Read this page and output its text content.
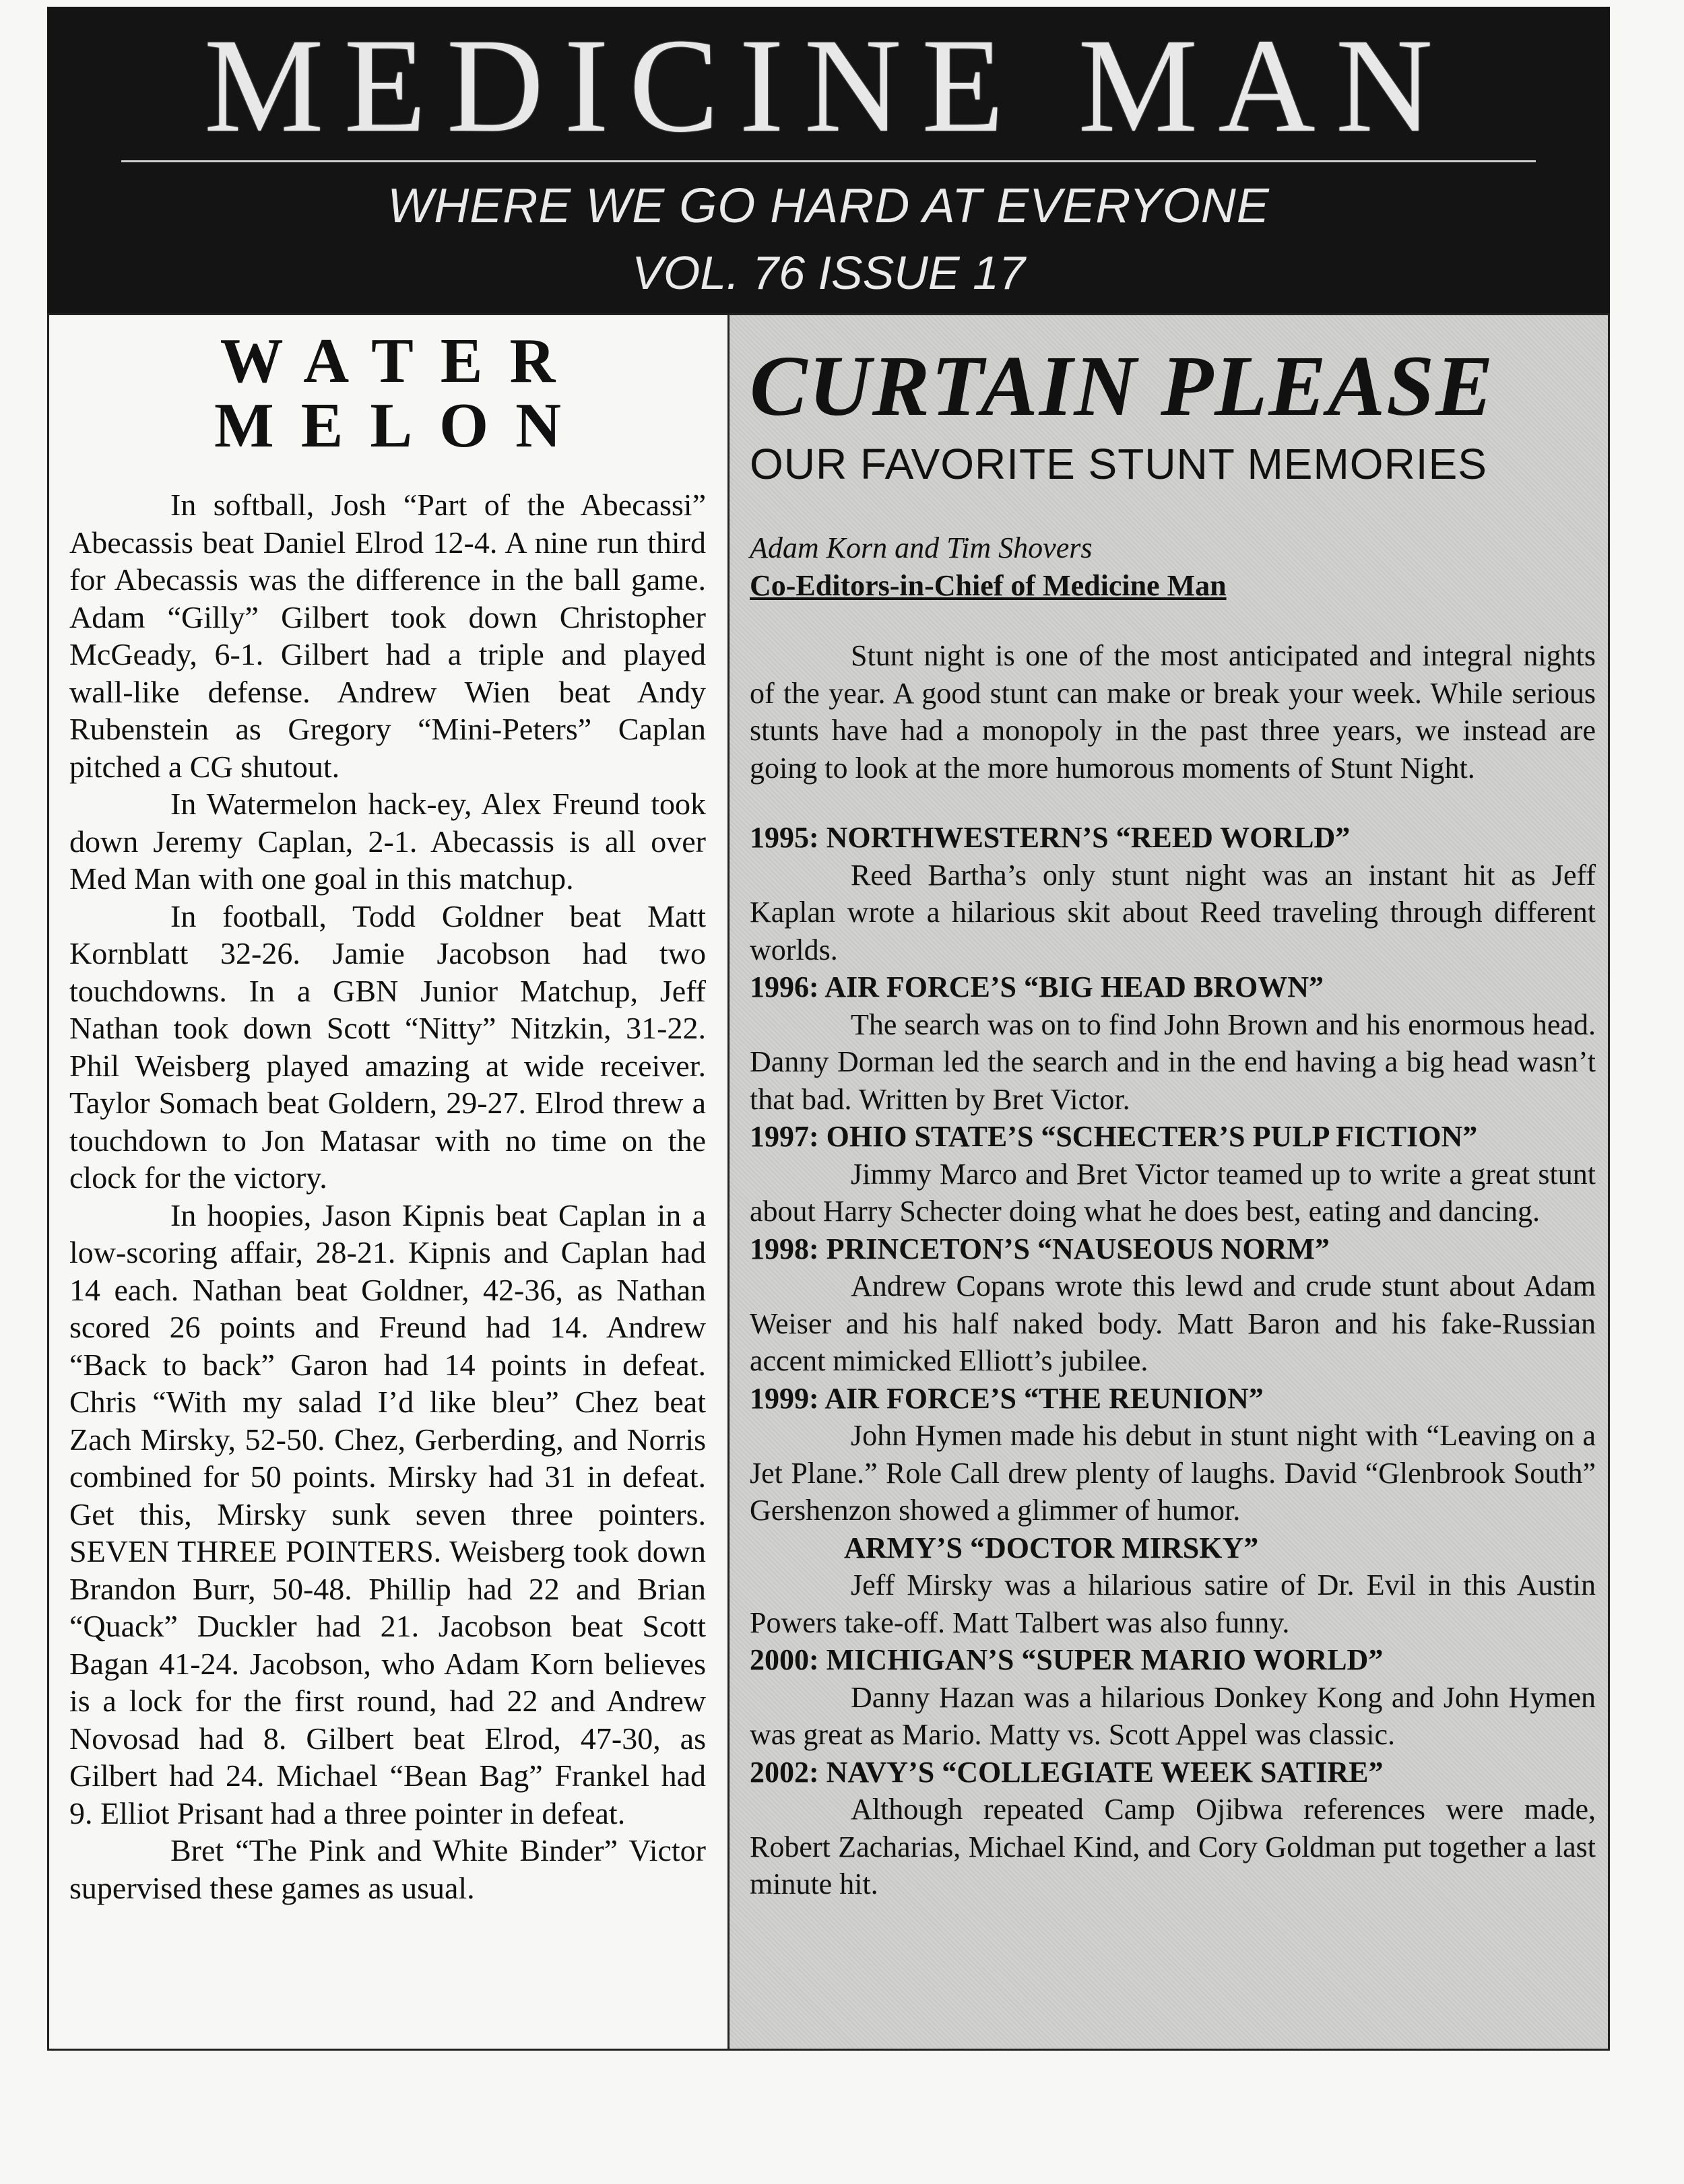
MEDICINE MAN
WHERE WE GO HARD AT EVERYONE
VOL. 76 ISSUE 17
WATER
MELON

In softball, Josh “Part of the Abecassi” Abecassis beat Daniel Elrod 12-4. A nine run third for Abecassis was the difference in the ball game. Adam “Gilly” Gilbert took down Christopher McGeady, 6-1. Gilbert had a triple and played wall-like defense. Andrew Wien beat Andy Rubenstein as Gregory “Mini-Peters” Caplan pitched a CG shutout.

In Watermelon hack-ey, Alex Freund took down Jeremy Caplan, 2-1. Abecassis is all over Med Man with one goal in this matchup.

In football, Todd Goldner beat Matt Kornblatt 32-26. Jamie Jacobson had two touchdowns. In a GBN Junior Matchup, Jeff Nathan took down Scott “Nitty” Nitzkin, 31-22. Phil Weisberg played amazing at wide receiver. Taylor Somach beat Goldern, 29-27. Elrod threw a touchdown to Jon Matasar with no time on the clock for the victory.

In hoopies, Jason Kipnis beat Caplan in a low-scoring affair, 28-21. Kipnis and Caplan had 14 each. Nathan beat Goldner, 42-36, as Nathan scored 26 points and Freund had 14. Andrew “Back to back” Garon had 14 points in defeat. Chris “With my salad I’d like bleu” Chez beat Zach Mirsky, 52-50. Chez, Gerberding, and Norris combined for 50 points. Mirsky had 31 in defeat. Get this, Mirsky sunk seven three pointers. SEVEN THREE POINTERS. Weisberg took down Brandon Burr, 50-48. Phillip had 22 and Brian “Quack” Duckler had 21. Jacobson beat Scott Bagan 41-24. Jacobson, who Adam Korn believes is a lock for the first round, had 22 and Andrew Novosad had 8. Gilbert beat Elrod, 47-30, as Gilbert had 24. Michael “Bean Bag” Frankel had 9. Elliot Prisant had a three pointer in defeat.

Bret “The Pink and White Binder” Victor supervised these games as usual.

CURTAIN PLEASE
OUR FAVORITE STUNT MEMORIES
Adam Korn and Tim Shovers
Co-Editors-in-Chief of Medicine Man

Stunt night is one of the most anticipated and integral nights of the year. A good stunt can make or break your week. While serious stunts have had a monopoly in the past three years, we instead are going to look at the more humorous moments of Stunt Night.

1995: NORTHWESTERN’S “REED WORLD”

Reed Bartha’s only stunt night was an instant hit as Jeff Kaplan wrote a hilarious skit about Reed traveling through different worlds.

1996: AIR FORCE’S “BIG HEAD BROWN”

The search was on to find John Brown and his enormous head. Danny Dorman led the search and in the end having a big head wasn’t that bad. Written by Bret Victor.

1997: OHIO STATE’S “SCHECTER’S PULP FICTION”

Jimmy Marco and Bret Victor teamed up to write a great stunt about Harry Schecter doing what he does best, eating and dancing.

1998: PRINCETON’S “NAUSEOUS NORM”

Andrew Copans wrote this lewd and crude stunt about Adam Weiser and his half naked body. Matt Baron and his fake-Russian accent mimicked Elliott’s jubilee.

1999: AIR FORCE’S “THE REUNION”

John Hymen made his debut in stunt night with “Leaving on a Jet Plane.” Role Call drew plenty of laughs. David “Glenbrook South” Gershenzon showed a glimmer of humor.

ARMY’S “DOCTOR MIRSKY”

Jeff Mirsky was a hilarious satire of Dr. Evil in this Austin Powers take-off. Matt Talbert was also funny.

2000: MICHIGAN’S “SUPER MARIO WORLD”

Danny Hazan was a hilarious Donkey Kong and John Hymen was great as Mario. Matty vs. Scott Appel was classic.

2002: NAVY’S “COLLEGIATE WEEK SATIRE”

Although repeated Camp Ojibwa references were made, Robert Zacharias, Michael Kind, and Cory Goldman put together a last minute hit.
